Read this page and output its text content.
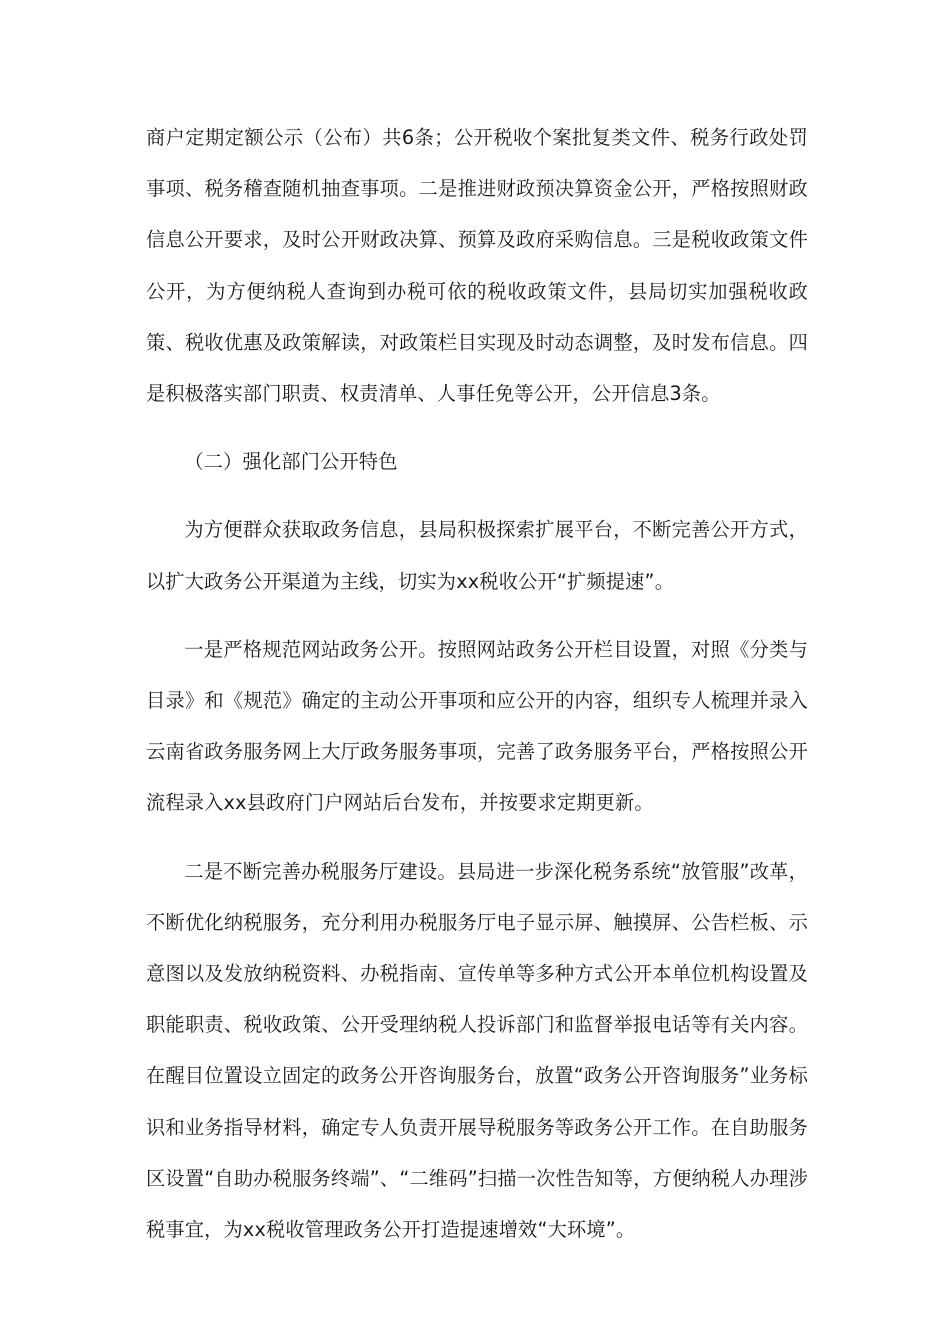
商户定期定额公示（公布）共6条；公开税收个案批复类文件、税务行政处罚事项、税务稽查随机抽查事项。二是推进财政预决算资金公开，严格按照财政信息公开要求，及时公开财政决算、预算及政府采购信息。三是税收政策文件公开，为方便纳税人查询到办税可依的税收政策文件，县局切实加强税收政策、税收优惠及政策解读，对政策栏目实现及时动态调整，及时发布信息。四是积极落实部门职责、权责清单、人事任免等公开，公开信息3条。

（二）强化部门公开特色

为方便群众获取政务信息，县局积极探索扩展平台，不断完善公开方式，以扩大政务公开渠道为主线，切实为xx税收公开“扩频提速”。

一是严格规范网站政务公开。按照网站政务公开栏目设置，对照《分类与目录》和《规范》确定的主动公开事项和应公开的内容，组织专人梳理并录入云南省政务服务网上大厅政务服务事项，完善了政务服务平台，严格按照公开流程录入xx县政府门户网站后台发布，并按要求定期更新。

二是不断完善办税服务厅建设。县局进一步深化税务系统“放管服”改革，不断优化纳税服务，充分利用办税服务厅电子显示屏、触摸屏、公告栏板、示意图以及发放纳税资料、办税指南、宣传单等多种方式公开本单位机构设置及职能职责、税收政策、公开受理纳税人投诉部门和监督举报电话等有关内容。在醒目位置设立固定的政务公开咨询服务台，放置“政务公开咨询服务”业务标识和业务指导材料，确定专人负责开展导税服务等政务公开工作。在自助服务区设置“自助办税服务终端”、“二维码”扫描一次性告知等，方便纳税人办理涉税事宜，为xx税收管理政务公开打造提速增效“大环境”。
